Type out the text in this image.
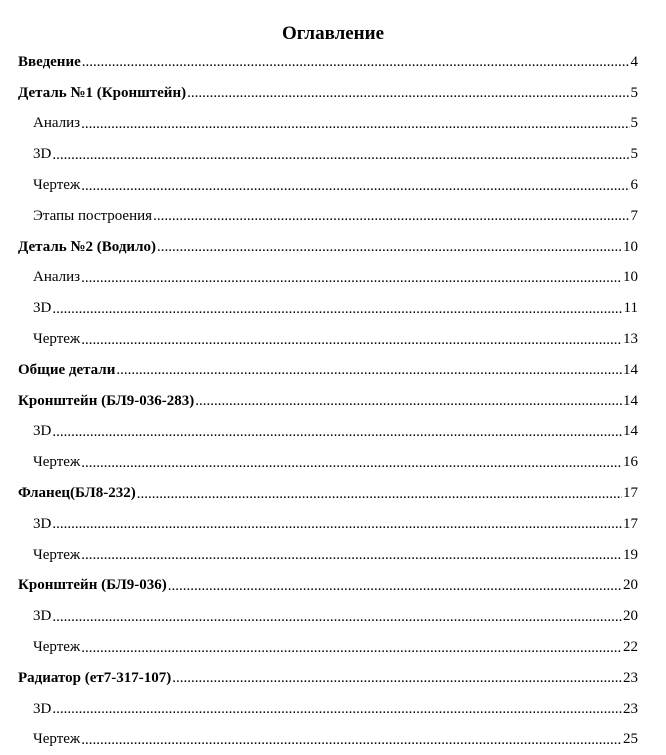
Оглавление
Введение .....	4
Деталь №1 (Кронштейн) .....	5
Анализ .....	5
3D .....	5
Чертеж .....	6
Этапы построения .....	7
Деталь №2 (Водило) .....	10
Анализ .....	10
3D .....	11
Чертеж .....	13
Общие детали .....	14
Кронштейн (БЛ9-036-283) .....	14
3D .....	14
Чертеж .....	16
Фланец(БЛ8-232) .....	17
3D .....	17
Чертеж .....	19
Кронштейн (БЛ9-036) .....	20
3D .....	20
Чертеж .....	22
Радиатор (ет7-317-107) .....	23
3D .....	23
Чертеж .....	25
